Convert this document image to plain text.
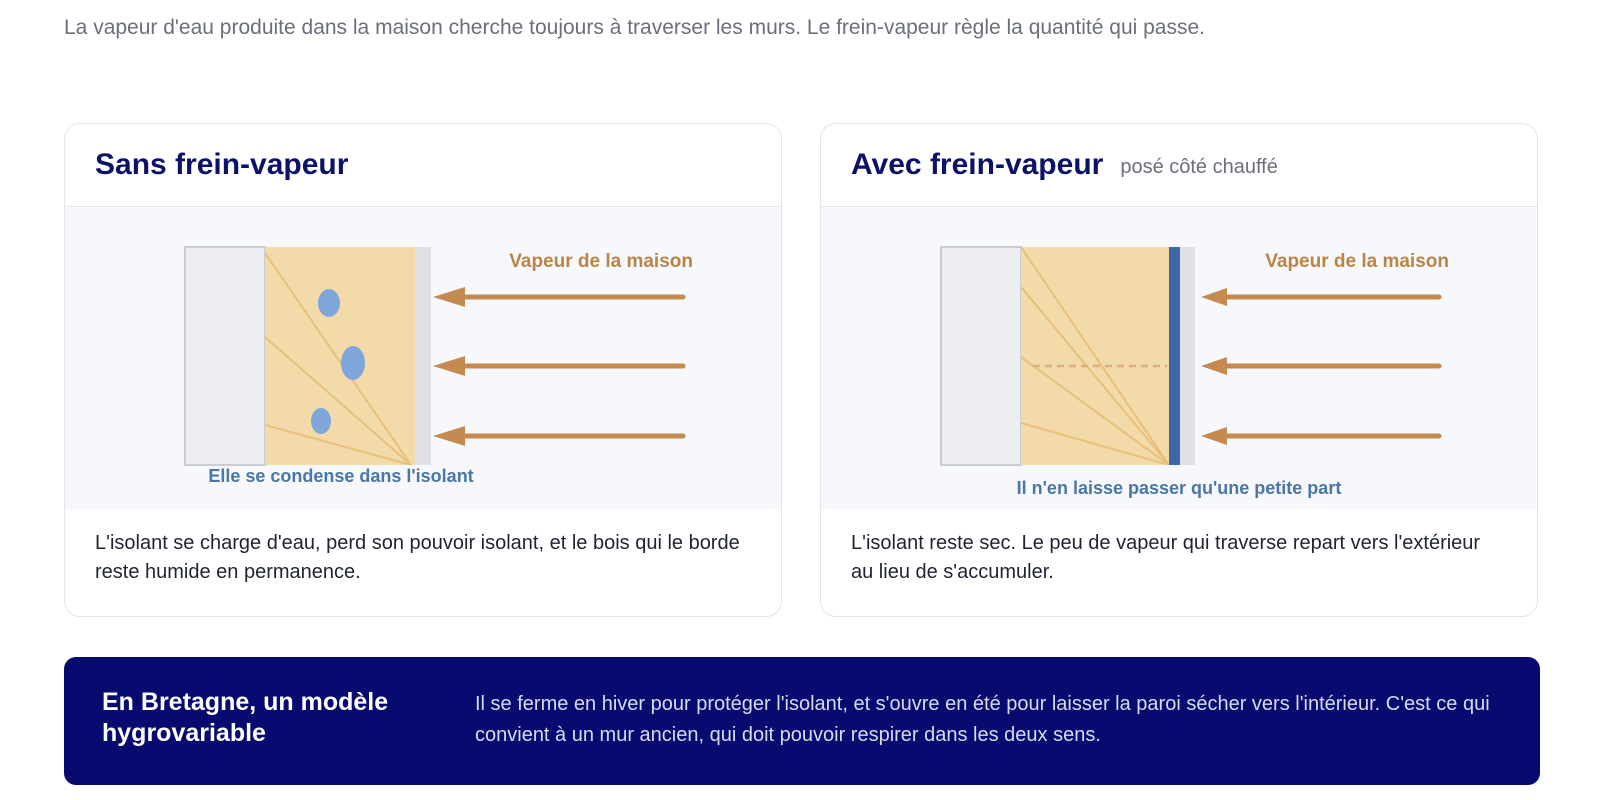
La vapeur d'eau produite dans la maison cherche toujours à traverser les murs. Le frein-vapeur règle la quantité qui passe.

Sans frein-vapeur
Vapeur de la maison
Elle se condense dans l'isolant

L'isolant se charge d'eau, perd son pouvoir isolant, et le bois qui le borde reste humide en permanence.

Avec frein-vapeur posé côté chauffé
Vapeur de la maison
Il n'en laisse passer qu'une petite part

L'isolant reste sec. Le peu de vapeur qui traverse repart vers l'extérieur au lieu de s'accumuler.

En Bretagne, un modèle hygrovariable

Il se ferme en hiver pour protéger l'isolant, et s'ouvre en été pour laisser la paroi sécher vers l'intérieur. C'est ce qui convient à un mur ancien, qui doit pouvoir respirer dans les deux sens.
